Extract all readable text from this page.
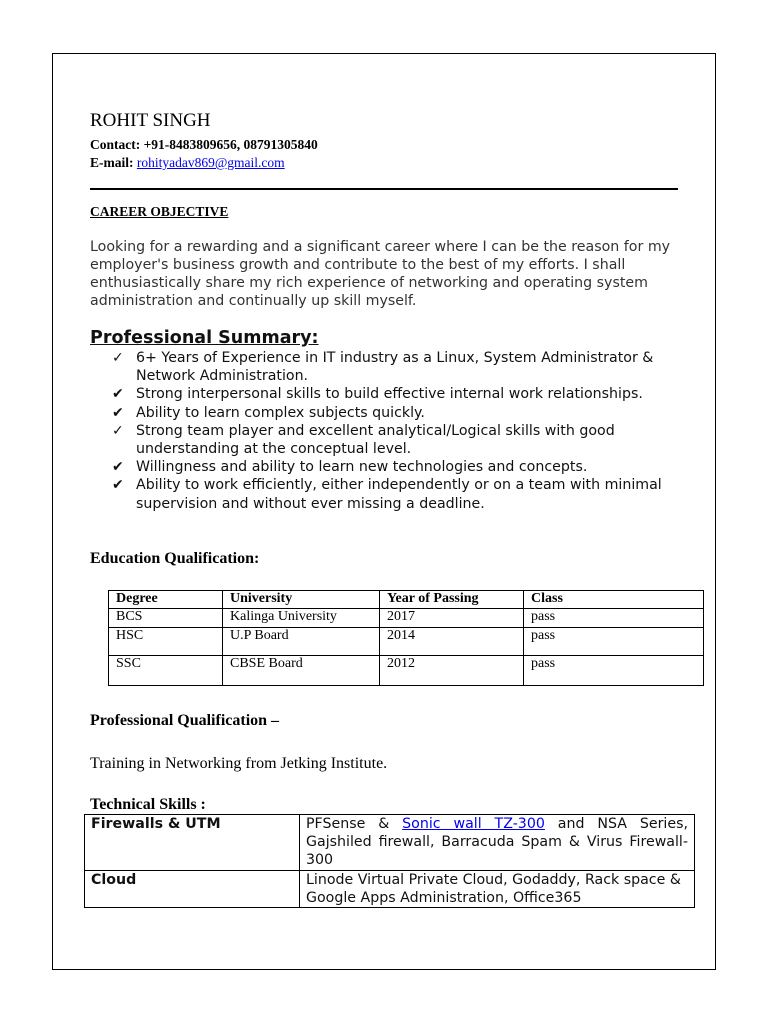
ROHIT SINGH
Contact: +91-8483809656, 08791305840
E-mail: rohityadav869@gmail.com
CAREER OBJECTIVE
Looking for a rewarding and a significant career where I can be the reason for my employer's business growth and contribute to the best of my efforts. I shall enthusiastically share my rich experience of networking and operating system administration and continually up skill myself.
Professional Summary:
✓ 6+ Years of Experience in IT industry as a Linux, System Administrator & Network Administration.
✔ Strong interpersonal skills to build effective internal work relationships.
✔ Ability to learn complex subjects quickly.
✓ Strong team player and excellent analytical/Logical skills with good understanding at the conceptual level.
✔ Willingness and ability to learn new technologies and concepts.
✔ Ability to work efficiently, either independently or on a team with minimal supervision and without ever missing a deadline.
Education Qualification:
Degree	University	Year of Passing	Class
BCS	Kalinga University	2017	pass
HSC	U.P Board	2014	pass
SSC	CBSE Board	2012	pass
Professional Qualification –
Training in Networking from Jetking Institute.
Technical Skills :
Firewalls & UTM	PFSense & Sonic wall TZ-300 and NSA Series, Gajshiled firewall, Barracuda Spam & Virus Firewall-300
Cloud	Linode Virtual Private Cloud, Godaddy, Rack space & Google Apps Administration, Office365
